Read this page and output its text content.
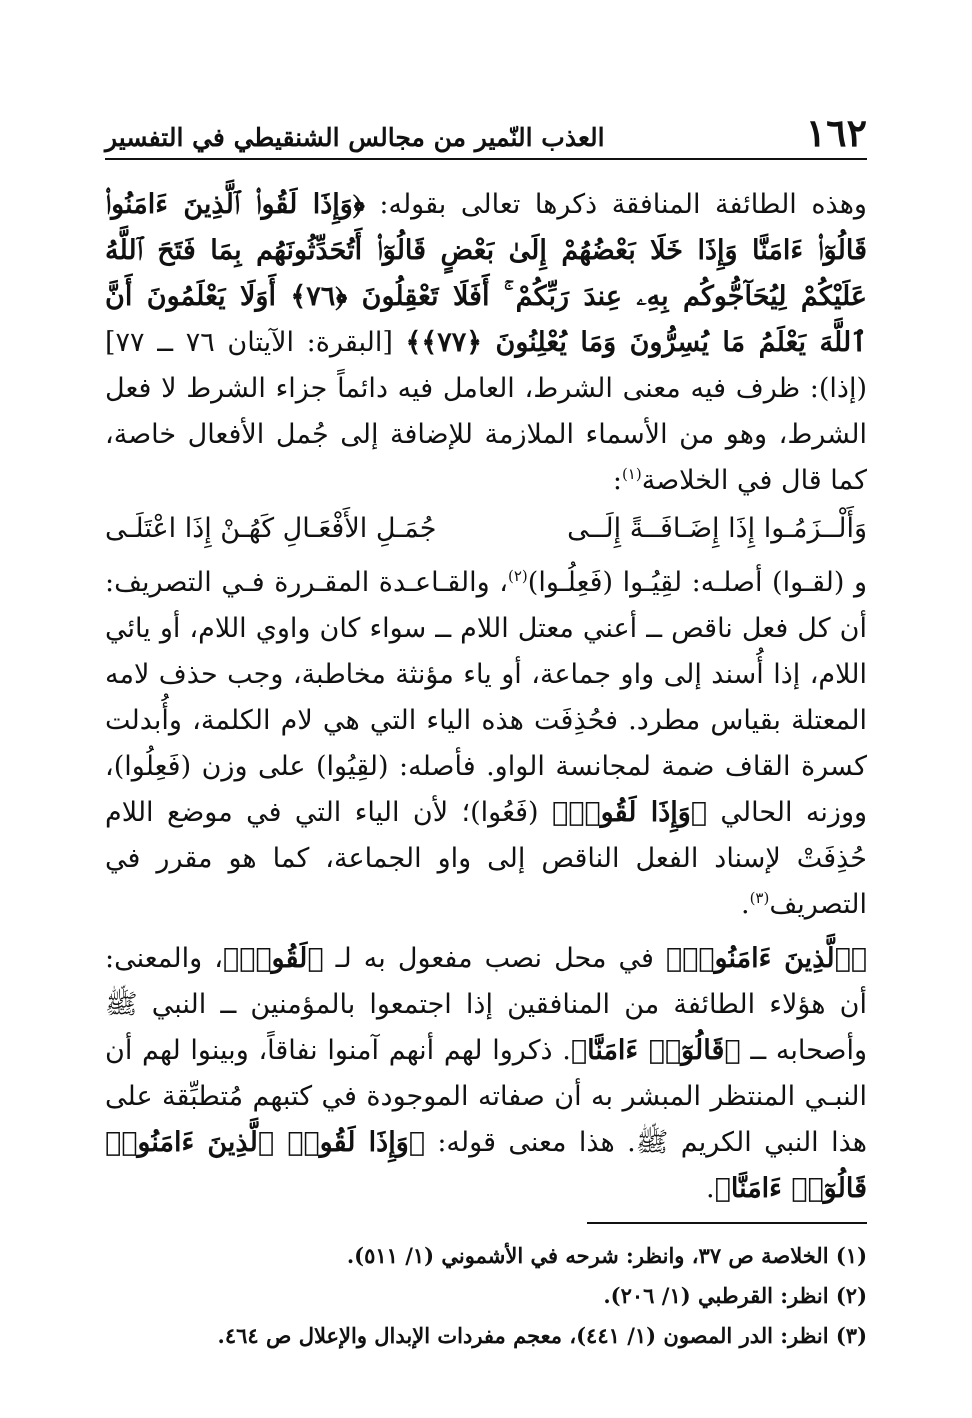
١٦٢
العذب النّمير من مجالس الشنقيطي في التفسير

وهذه الطائفة المنافقة ذكرها تعالى بقوله: ﴿وَإِذَا لَقُوا۟ ٱلَّذِينَ ءَامَنُوا۟ قَالُوٓا۟ ءَامَنَّا وَإِذَا خَلَا بَعْضُهُمْ إِلَىٰ بَعْضٍ قَالُوٓا۟ أَتُحَدِّثُونَهُم بِمَا فَتَحَ ٱللَّهُ عَلَيْكُمْ لِيُحَآجُّوكُم بِهِۦ عِندَ رَبِّكُمْ ۚ أَفَلَا تَعْقِلُونَ ﴿٧٦﴾ أَوَلَا يَعْلَمُونَ أَنَّ ٱللَّهَ يَعْلَمُ مَا يُسِرُّونَ وَمَا يُعْلِنُونَ ﴿٧٧﴾﴾ [البقرة: الآيتان ٧٦ ــ ٧٧] (إذا): ظرف فيه معنى الشرط، العامل فيه دائماً جزاء الشرط لا فعل الشرط، وهو من الأسماء الملازمة للإضافة إلى جُمل الأفعال خاصة، كما قال في الخلاصة$^{(١)}$:

وَأَلْــزَمُـوا إِذَا إِضَـافَــةً إِلَــى
جُمَـلِ الأَفْعَـالِ كَهُـنْ إِذَا اعْتَلَـى

و (لقـوا) أصلـه: لقِيُـوا (فَعِلُـوا)$^{(٢)}$، والقـاعـدة المقـررة فـي التصريف: أن كل فعل ناقص ــ أعني معتل اللام ــ سواء كان واوي اللام، أو يائي اللام، إذا أُسند إلى واو جماعة، أو ياء مؤنثة مخاطبة، وجب حذف لامه المعتلة بقياس مطرد. فحُذِفَت هذه الياء التي هي لام الكلمة، وأُبدلت كسرة القاف ضمة لمجانسة الواو. فأصله: (لقِيُوا) على وزن (فَعِلُوا)، ووزنه الحالي ﴿وَإِذَا لَقُوا۟﴾ (فَعُوا)؛ لأن الياء التي في موضع اللام حُذِفَتْ لإسناد الفعل الناقص إلى واو الجماعة، كما هو مقرر في التصريف$^{(٣)}$.

﴿ٱلَّذِينَ ءَامَنُوا۟﴾ في محل نصب مفعول به لـ ﴿لَقُوا۟﴾، والمعنى: أن هؤلاء الطائفة من المنافقين إذا اجتمعوا بالمؤمنين ــ النبي ﷺ وأصحابه ــ ﴿قَالُوٓا۟ ءَامَنَّا﴾. ذكروا لهم أنهم آمنوا نفاقاً، وبينوا لهم أن النبـي المنتظر المبشر به أن صفاته الموجودة في كتبهم مُتطبِّقة على هذا النبي الكريم ﷺ. هذا معنى قوله: ﴿وَإِذَا لَقُوا۟ ٱلَّذِينَ ءَامَنُوا۟ قَالُوٓا۟ ءَامَنَّا﴾.

(١) الخلاصة ص ٣٧، وانظر: شرحه في الأشموني (١/ ٥١١).
(٢) انظر: القرطبي (١/ ٢٠٦).
(٣) انظر: الدر المصون (١/ ٤٤١)، معجم مفردات الإبدال والإعلال ص ٤٦٤.
